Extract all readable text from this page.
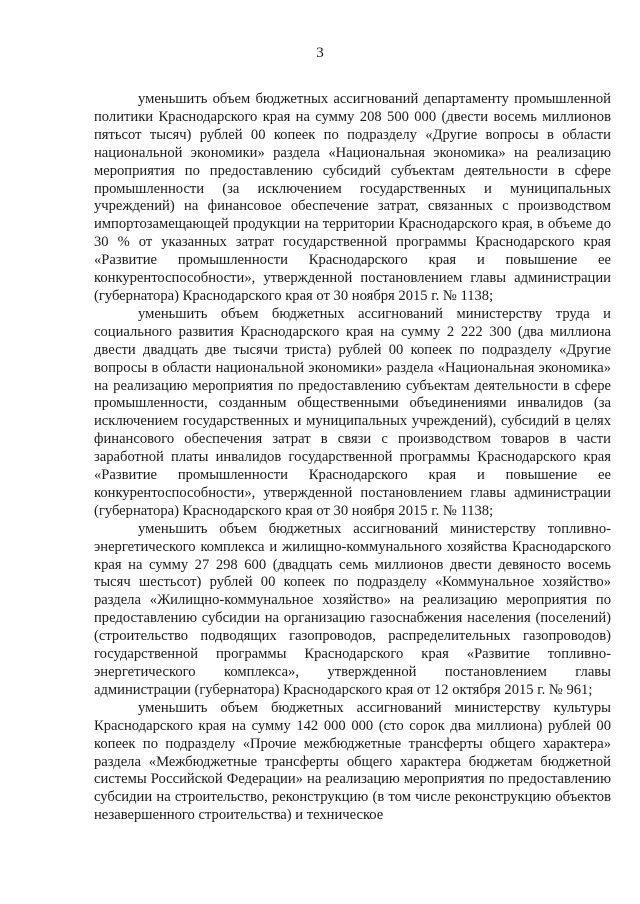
3

уменьшить объем бюджетных ассигнований департаменту промышленной политики Краснодарского края на сумму 208 500 000 (двести восемь миллионов пятьсот тысяч) рублей 00 копеек по подразделу «Другие вопросы в области национальной экономики» раздела «Национальная экономика» на реализацию мероприятия по предоставлению субсидий субъектам деятельности в сфере промышленности (за исключением государственных и муниципальных учреждений) на финансовое обеспечение затрат, связанных с производством импортозамещающей продукции на территории Краснодарского края, в объеме до 30 % от указанных затрат государственной программы Краснодарского края «Развитие промышленности Краснодарского края и повышение ее конкурентоспособности», утвержденной постановлением главы администрации (губернатора) Краснодарского края от 30 ноября 2015 г. № 1138;

уменьшить объем бюджетных ассигнований министерству труда и социального развития Краснодарского края на сумму 2 222 300 (два миллиона двести двадцать две тысячи триста) рублей 00 копеек по подразделу «Другие вопросы в области национальной экономики» раздела «Национальная экономика» на реализацию мероприятия по предоставлению субъектам деятельности в сфере промышленности, созданным общественными объединениями инвалидов (за исключением государственных и муниципальных учреждений), субсидий в целях финансового обеспечения затрат в связи с производством товаров в части заработной платы инвалидов государственной программы Краснодарского края «Развитие промышленности Краснодарского края и повышение ее конкурентоспособности», утвержденной постановлением главы администрации (губернатора) Краснодарского края от 30 ноября 2015 г. № 1138;

уменьшить объем бюджетных ассигнований министерству топливно-энергетического комплекса и жилищно-коммунального хозяйства Краснодарского края на сумму 27 298 600 (двадцать семь миллионов двести девяносто восемь тысяч шестьсот) рублей 00 копеек по подразделу «Коммунальное хозяйство» раздела «Жилищно-коммунальное хозяйство» на реализацию мероприятия по предоставлению субсидии на организацию газоснабжения населения (поселений) (строительство подводящих газопроводов, распределительных газопроводов) государственной программы Краснодарского края «Развитие топливно-энергетического комплекса», утвержденной постановлением главы администрации (губернатора) Краснодарского края от 12 октября 2015 г. № 961;

уменьшить объем бюджетных ассигнований министерству культуры Краснодарского края на сумму 142 000 000 (сто сорок два миллиона) рублей 00 копеек по подразделу «Прочие межбюджетные трансферты общего характера» раздела «Межбюджетные трансферты общего характера бюджетам бюджетной системы Российской Федерации» на реализацию мероприятия по предоставлению субсидии на строительство, реконструкцию (в том числе реконструкцию объектов незавершенного строительства) и техническое
